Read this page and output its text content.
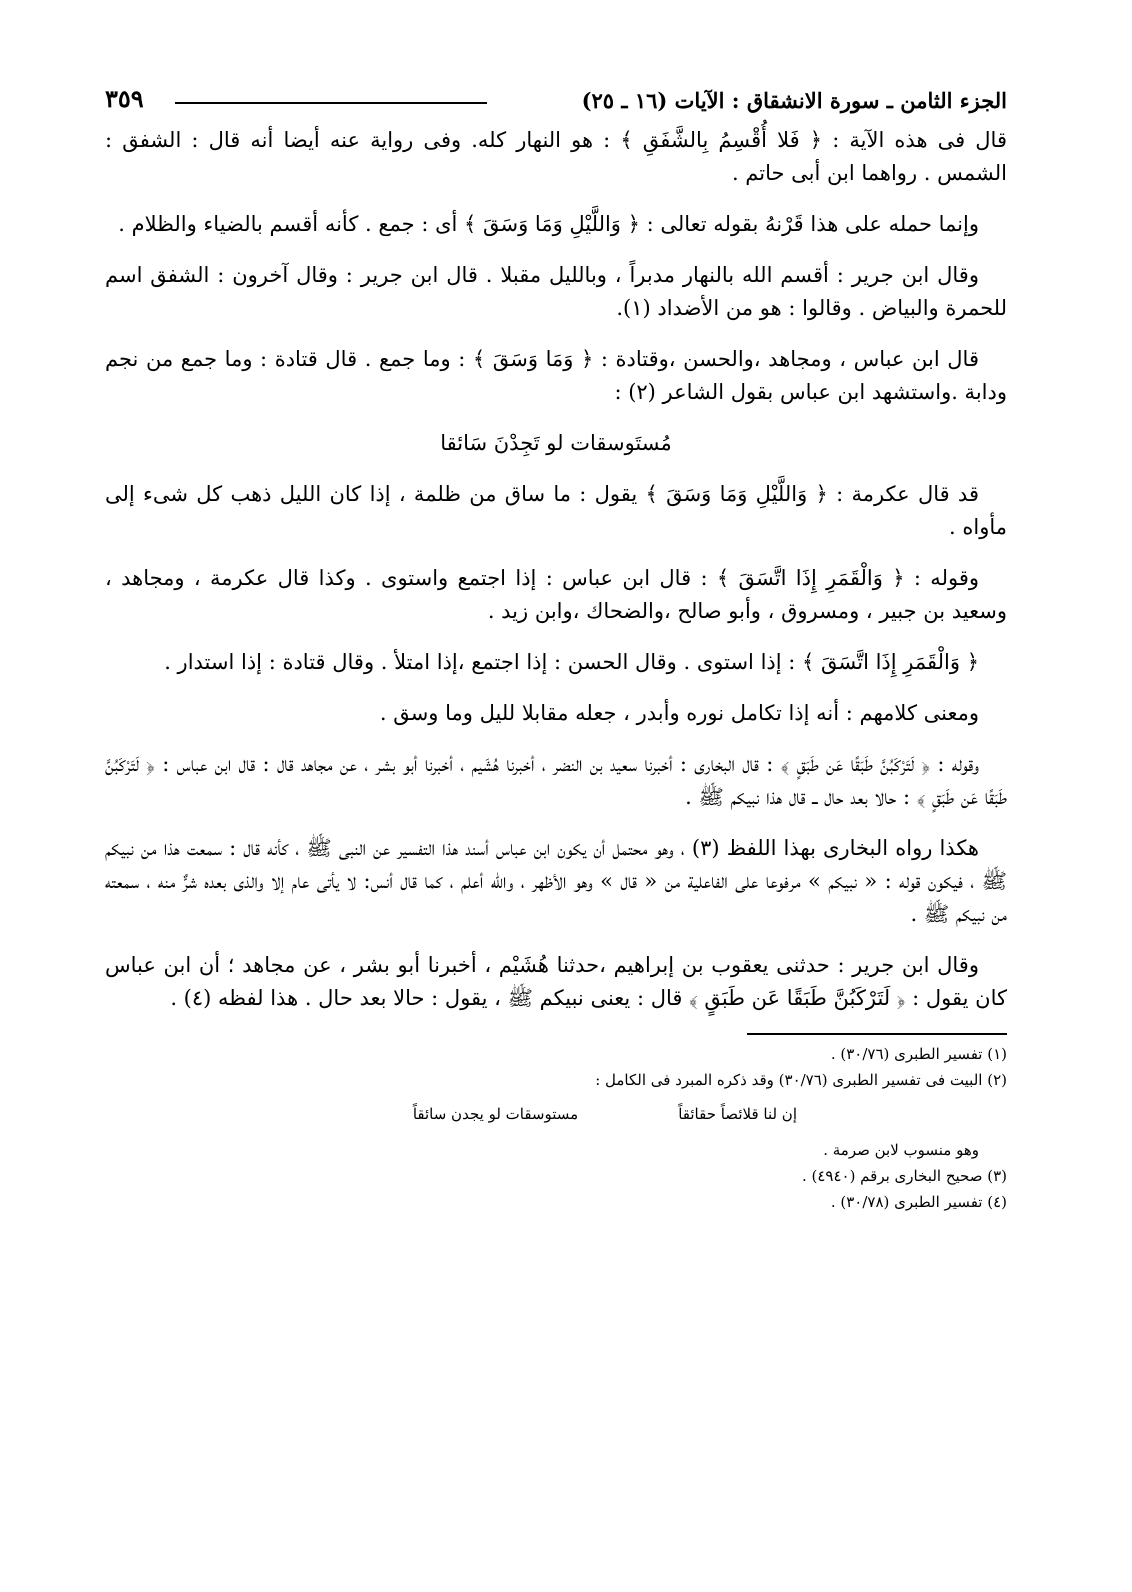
الجزء الثامن ـ سورة الانشقاق : الآيات (١٦ ـ ٢٥)
٣٥٩

قال فى هذه الآية : ﴿ فَلا أُقْسِمُ بِالشَّفَقِ ﴾ : هو النهار كله. وفى رواية عنه أيضا أنه قال : الشفق : الشمس . رواهما ابن أبى حاتم .

وإنما حمله على هذا قَرْنهُ بقوله تعالى : ﴿ وَاللَّيْلِ وَمَا وَسَقَ ﴾ أى : جمع . كأنه أقسم بالضياء والظلام .

وقال ابن جرير : أقسم الله بالنهار مدبراً ، وبالليل مقبلا . قال ابن جرير : وقال آخرون : الشفق اسم للحمرة والبياض . وقالوا : هو من الأضداد (١).

قال ابن عباس ، ومجاهد ،والحسن ،وقتادة : ﴿ وَمَا وَسَقَ ﴾ : وما جمع . قال قتادة : وما جمع من نجم ودابة .واستشهد ابن عباس بقول الشاعر (٢) :

مُستَوسقات لو تَجِدْنَ سَائقا

قد قال عكرمة : ﴿ وَاللَّيْلِ وَمَا وَسَقَ ﴾ يقول : ما ساق من ظلمة ، إذا كان الليل ذهب كل شىء إلى مأواه .

وقوله : ﴿ وَالْقَمَرِ إِذَا اتَّسَقَ ﴾ : قال ابن عباس : إذا اجتمع واستوى . وكذا قال عكرمة ، ومجاهد ، وسعيد بن جبير ، ومسروق ، وأبو صالح ،والضحاك ،وابن زيد .

﴿ وَالْقَمَرِ إِذَا اتَّسَقَ ﴾ : إذا استوى . وقال الحسن : إذا اجتمع ،إذا امتلأ . وقال قتادة : إذا استدار .

ومعنى كلامهم : أنه إذا تكامل نوره وأبدر ، جعله مقابلا لليل وما وسق .

وقوله : ﴿ لَتَرْكَبُنَّ طَبَقًا عَن طَبَقٍ ﴾ : قال البخارى : أخبرنا سعيد بن النضر ، أخبرنا هُشَيم ، أخبرنا أبو بشر ، عن مجاهد قال : قال ابن عباس : ﴿ لَتَرْكَبُنَّ طَبَقًا عَن طَبَقٍ ﴾ : حالا بعد حال ــ قال هذا نبيكم ﷺ .

هكذا رواه البخارى بهذا اللفظ (٣) ، وهو محتمل أن يكون ابن عباس أسند هذا التفسير عن النبى ﷺ ، كأنه قال : سمعت هذا من نبيكم ﷺ ، فيكون قوله : « نبيكم » مرفوعا على الفاعلية من « قال » وهو الأظهر ، والله أعلم ، كما قال أنس: لا يأتى عام إلا والذى بعده شرٌّ منه ، سمعته من نبيكم ﷺ .

وقال ابن جرير : حدثنى يعقوب بن إبراهيم ،حدثنا هُشَيْم ، أخبرنا أبو بشر ، عن مجاهد ؛ أن ابن عباس كان يقول : ﴿ لَتَرْكَبُنَّ طَبَقًا عَن طَبَقٍ ﴾ قال : يعنى نبيكم ﷺ ، يقول : حالا بعد حال . هذا لفظه (٤) .

(١) تفسير الطبرى (٣٠/٧٦) .

(٢) البيت فى تفسير الطبرى (٣٠/٧٦) وقد ذكره المبرد فى الكامل :

إن لنا قلائصاً حقائقاً
مستوسقات لو يجدن سائقاً

وهو منسوب لابن صرمة .

(٣) صحيح البخارى برقم (٤٩٤٠) .

(٤) تفسير الطبرى (٣٠/٧٨) .
